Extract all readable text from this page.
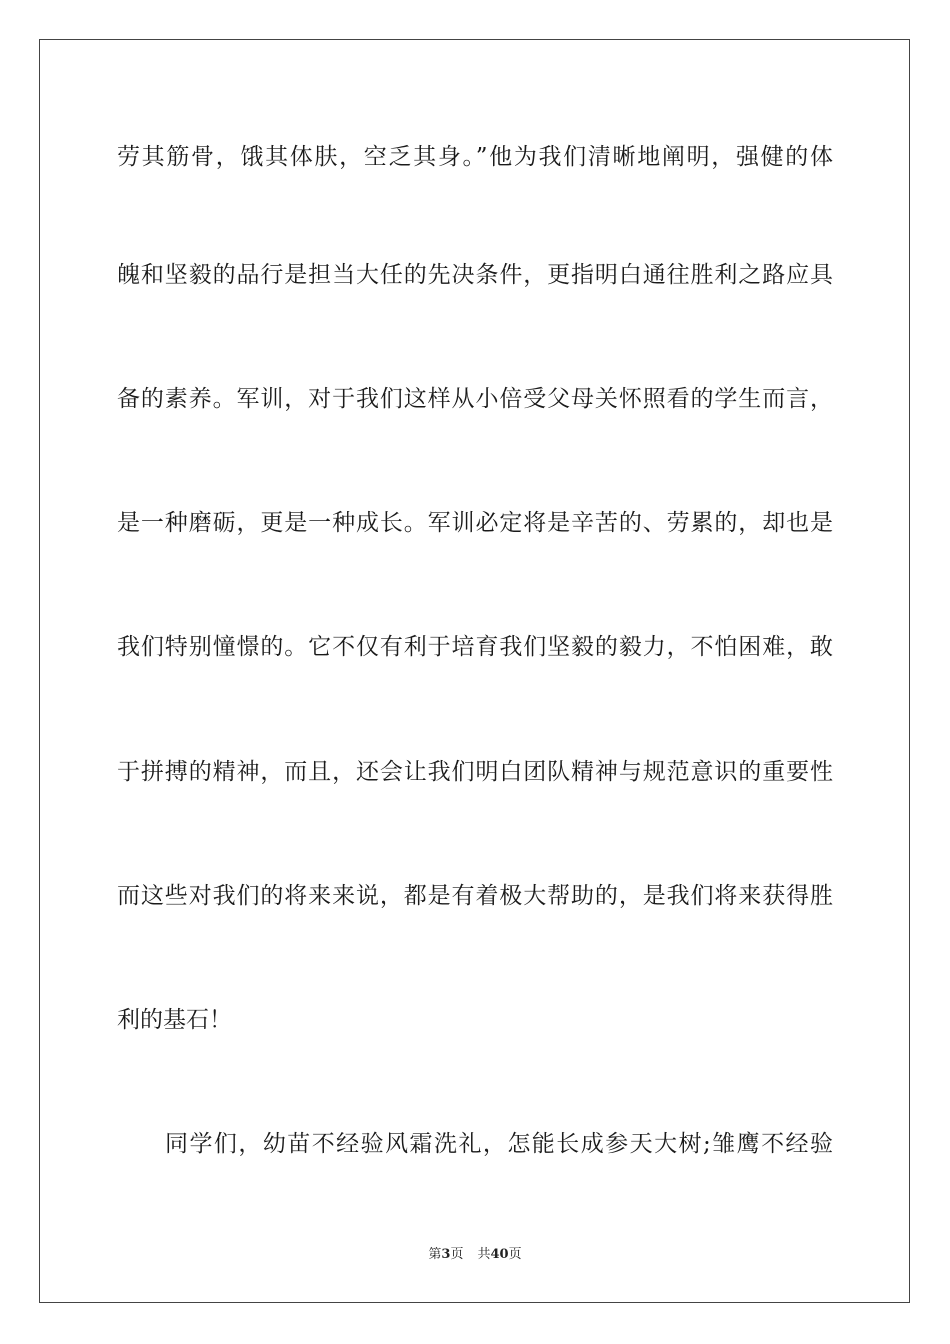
劳其筋骨，饿其体肤，空乏其身。”他为我们清晰地阐明，强健的体
魄和坚毅的品行是担当大任的先决条件，更指明白通往胜利之路应具
备的素养。军训，对于我们这样从小倍受父母关怀照看的学生而言，
是一种磨砺，更是一种成长。军训必定将是辛苦的、劳累的，却也是
我们特别憧憬的。它不仅有利于培育我们坚毅的毅力，不怕困难，敢
于拼搏的精神，而且，还会让我们明白团队精神与规范意识的重要性
而这些对我们的将来来说，都是有着极大帮助的，是我们将来获得胜
利的基石！
同学们，幼苗不经验风霜洗礼，怎能长成参天大树;雏鹰不经验
第3页 共40页
